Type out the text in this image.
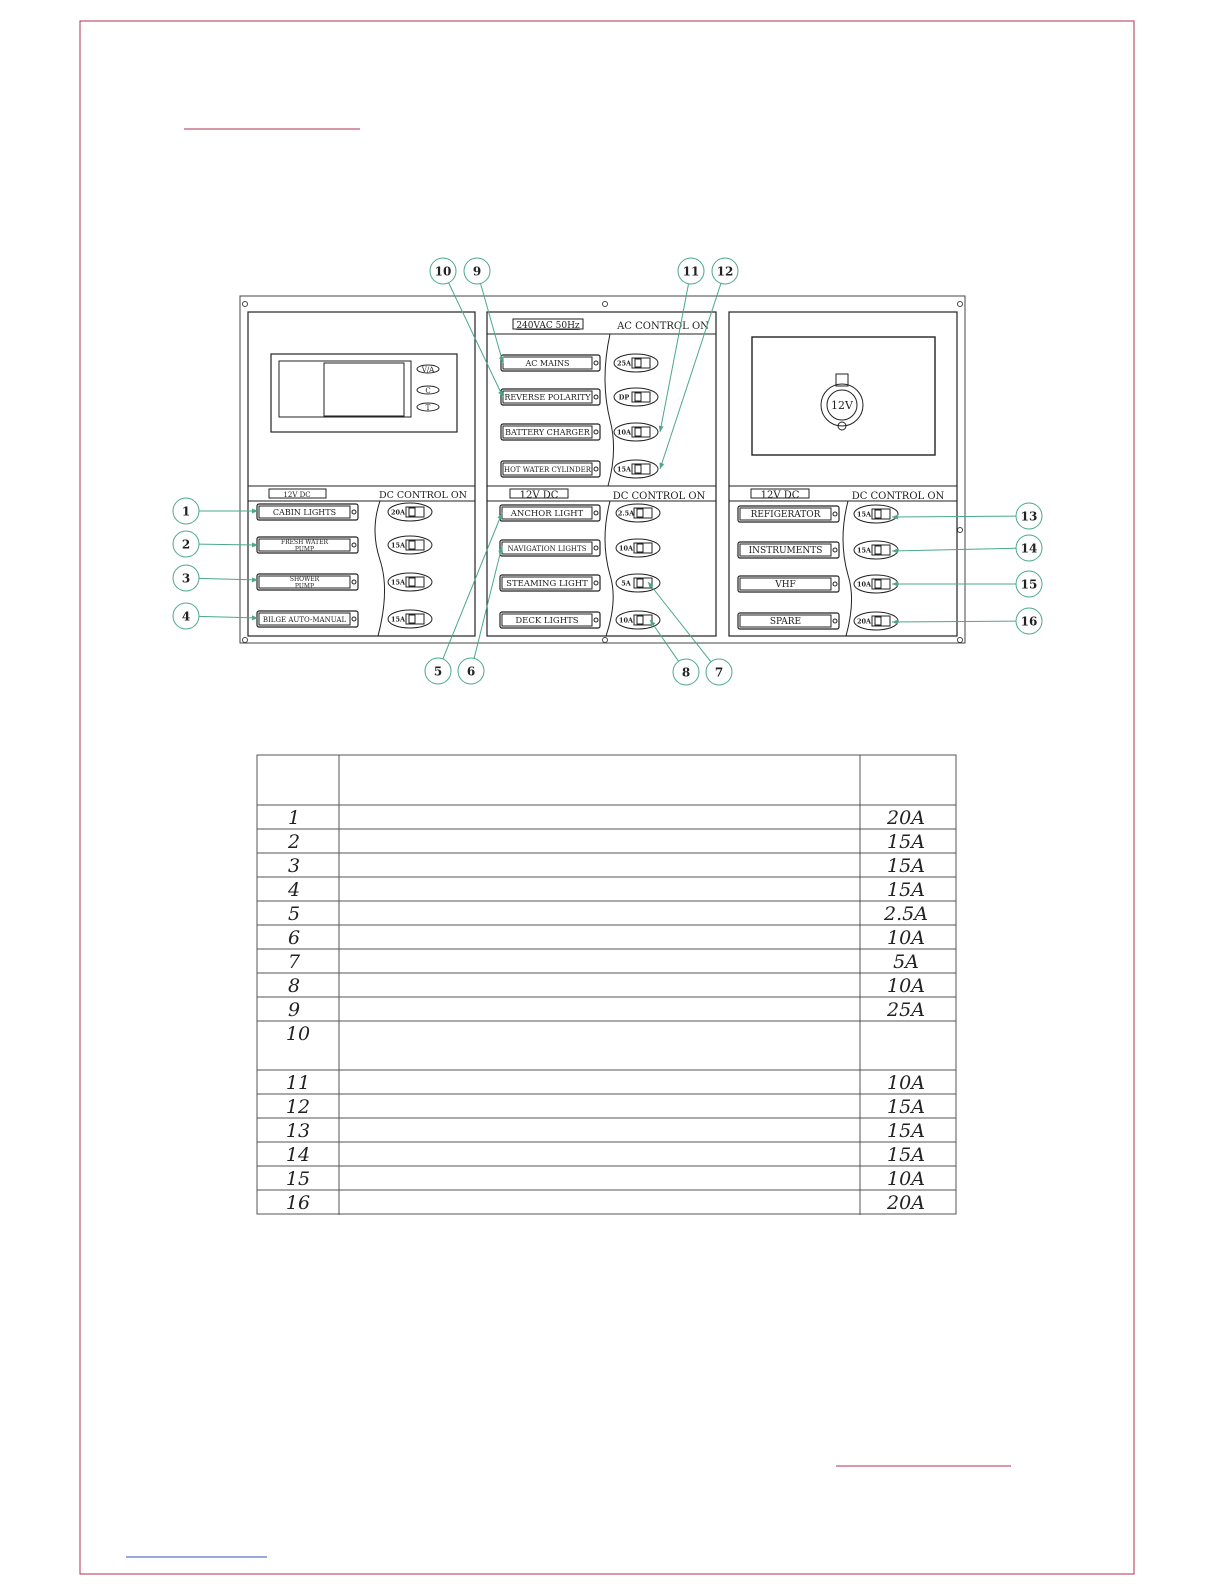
V/A
C
T	12V
12V DC	DC CONTROL ON
240VAC 50Hz	AC CONTROL ON
12V DC	DC CONTROL ON	12V DC	DC CONTROL ON
AC MAINS	25A
REVERSE POLARITY	DP
BATTERY CHARGER	10A
HOT WATER CYLINDER	15A
CABIN LIGHTS	20A
FRESH WATER
PUMP	15A
SHOWER
PUMP	15A
BILGE AUTO-MANUAL	15A
ANCHOR LIGHT	2.5A
NAVIGATION LIGHTS	10A
STEAMING LIGHT	5A
DECK LIGHTS	10A
REFIGERATOR	15A
INSTRUMENTS	15A
VHF	10A
SPARE	20A
1
2
3
4
5 6	7
8
9
10	11 12
13
14
15
16
1	20A
2	15A
3	15A
4	15A
5	2.5A
6	10A
7	5A
8	10A
9	25A
10
11	10A
12	15A
13	15A
14	15A
15	10A
16	20A
